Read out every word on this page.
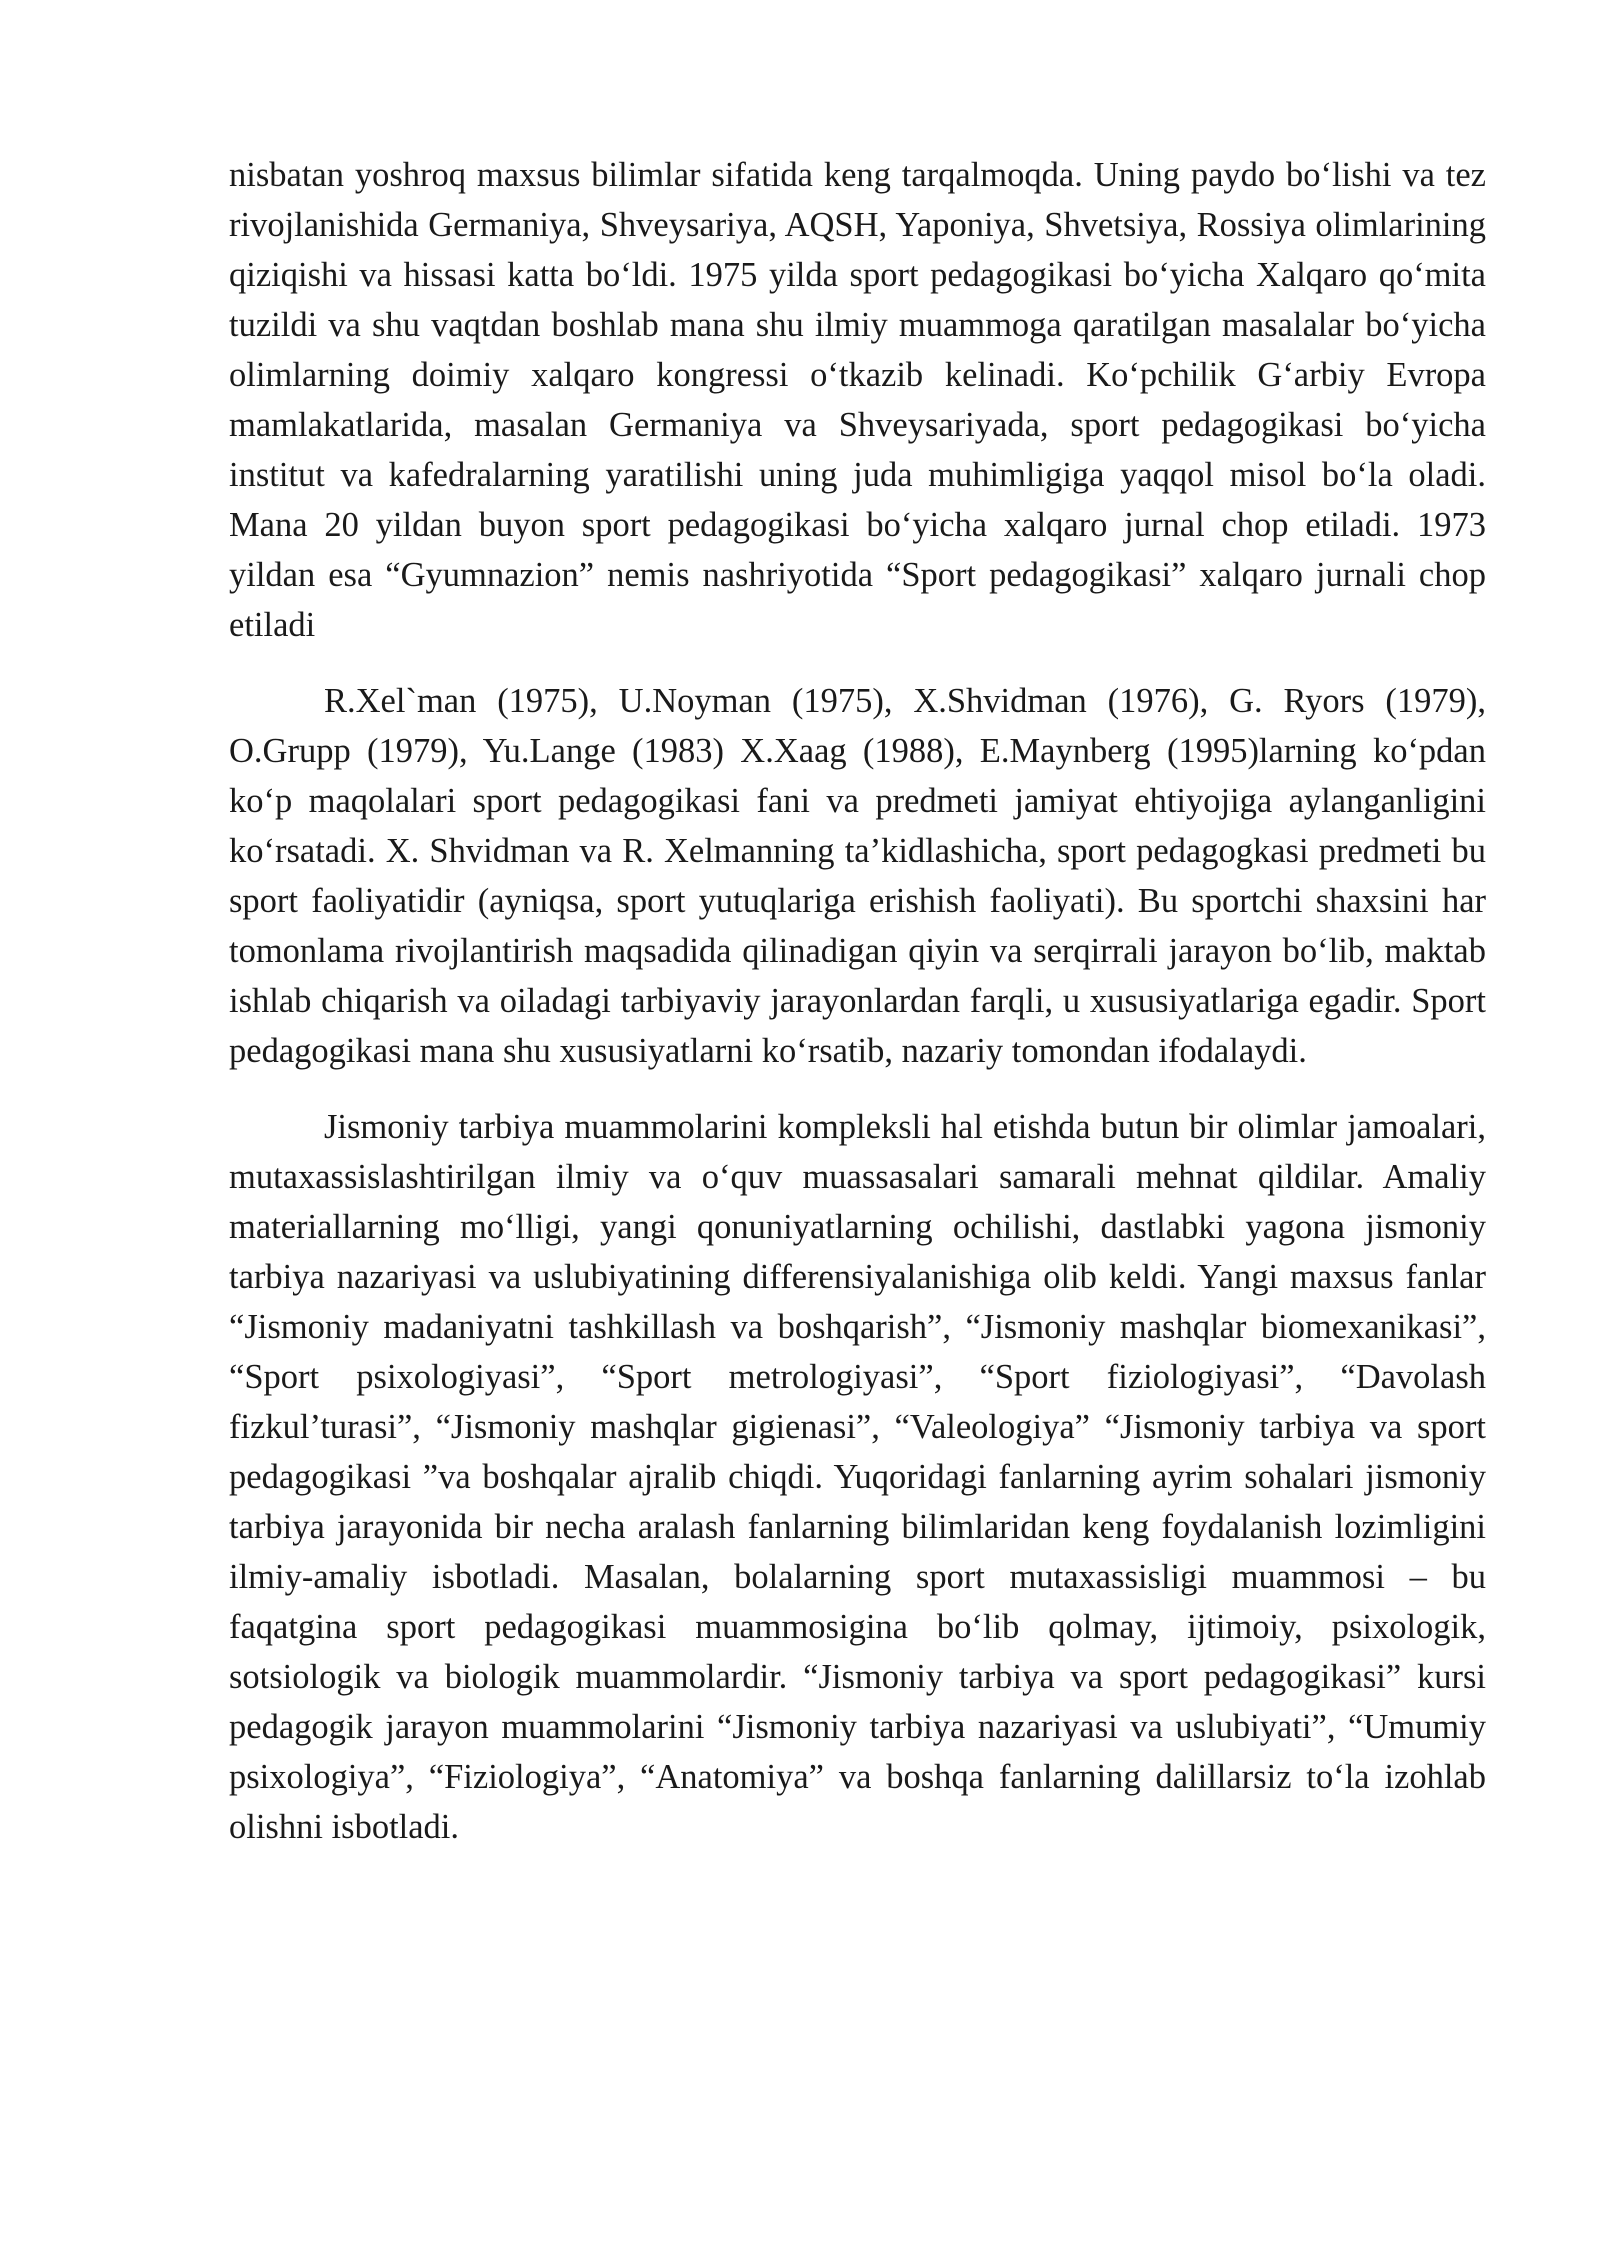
nisbatan yoshroq maxsus bilimlar sifatida keng tarqalmoqda. Uning paydo bo‘lishi va tez rivojlanishida Germaniya, Shveysariya, AQSH, Yaponiya, Shvetsiya, Rossiya olimlarining qiziqishi va hissasi katta bo‘ldi. 1975 yilda sport pedagogikasi bo‘yicha Xalqaro qo‘mita tuzildi va shu vaqtdan boshlab mana shu ilmiy muammoga qaratilgan masalalar bo‘yicha olimlarning doimiy xalqaro kongressi o‘tkazib kelinadi. Ko‘pchilik G‘arbiy Evropa mamlakatlarida, masalan Germaniya va Shveysariyada, sport pedagogikasi bo‘yicha institut va kafedralarning yaratilishi uning juda muhimligiga yaqqol misol bo‘la oladi. Mana 20 yildan buyon sport pedagogikasi bo‘yicha xalqaro jurnal chop etiladi. 1973 yildan esa “Gyumnazion” nemis nashriyotida “Sport pedagogikasi” xalqaro jurnali chop etiladi

R.Xel`man (1975), U.Noyman (1975), X.Shvidman (1976), G. Ryors (1979), O.Grupp (1979), Yu.Lange (1983) X.Xaag (1988), E.Maynberg (1995)larning ko‘pdan ko‘p maqolalari sport pedagogikasi fani va predmeti jamiyat ehtiyojiga aylanganligini ko‘rsatadi. X. Shvidman va R. Xelmanning ta’kidlashicha, sport pedagogkasi predmeti bu sport faoliyatidir (ayniqsa, sport yutuqlariga erishish faoliyati). Bu sportchi shaxsini har tomonlama rivojlantirish maqsadida qilinadigan qiyin va serqirrali jarayon bo‘lib, maktab ishlab chiqarish va oiladagi tarbiyaviy jarayonlardan farqli, u xususiyatlariga egadir. Sport pedagogikasi mana shu xususiyatlarni ko‘rsatib, nazariy tomondan ifodalaydi.

Jismoniy tarbiya muammolarini kompleksli hal etishda butun bir olimlar jamoalari, mutaxassislashtirilgan ilmiy va o‘quv muassasalari samarali mehnat qildilar. Amaliy materiallarning mo‘lligi, yangi qonuniyatlarning ochilishi, dastlabki yagona jismoniy tarbiya nazariyasi va uslubiyatining differensiyalanishiga olib keldi. Yangi maxsus fanlar “Jismoniy madaniyatni tashkillash va boshqarish”, “Jismoniy mashqlar biomexanikasi”, “Sport psixologiyasi”, “Sport metrologiyasi”, “Sport fiziologiyasi”, “Davolash fizkul’turasi”, “Jismoniy mashqlar gigienasi”, “Valeologiya” “Jismoniy tarbiya va sport pedagogikasi ”va boshqalar ajralib chiqdi. Yuqoridagi fanlarning ayrim sohalari jismoniy tarbiya jarayonida bir necha aralash fanlarning bilimlaridan keng foydalanish lozimligini ilmiy-amaliy isbotladi. Masalan, bolalarning sport mutaxassisligi muammosi – bu faqatgina sport pedagogikasi muammosigina bo‘lib qolmay, ijtimoiy, psixologik, sotsiologik va biologik muammolardir. “Jismoniy tarbiya va sport pedagogikasi” kursi pedagogik jarayon muammolarini “Jismoniy tarbiya nazariyasi va uslubiyati”, “Umumiy psixologiya”, “Fiziologiya”, “Anatomiya” va boshqa fanlarning dalillarsiz to‘la izohlab olishni isbotladi.
